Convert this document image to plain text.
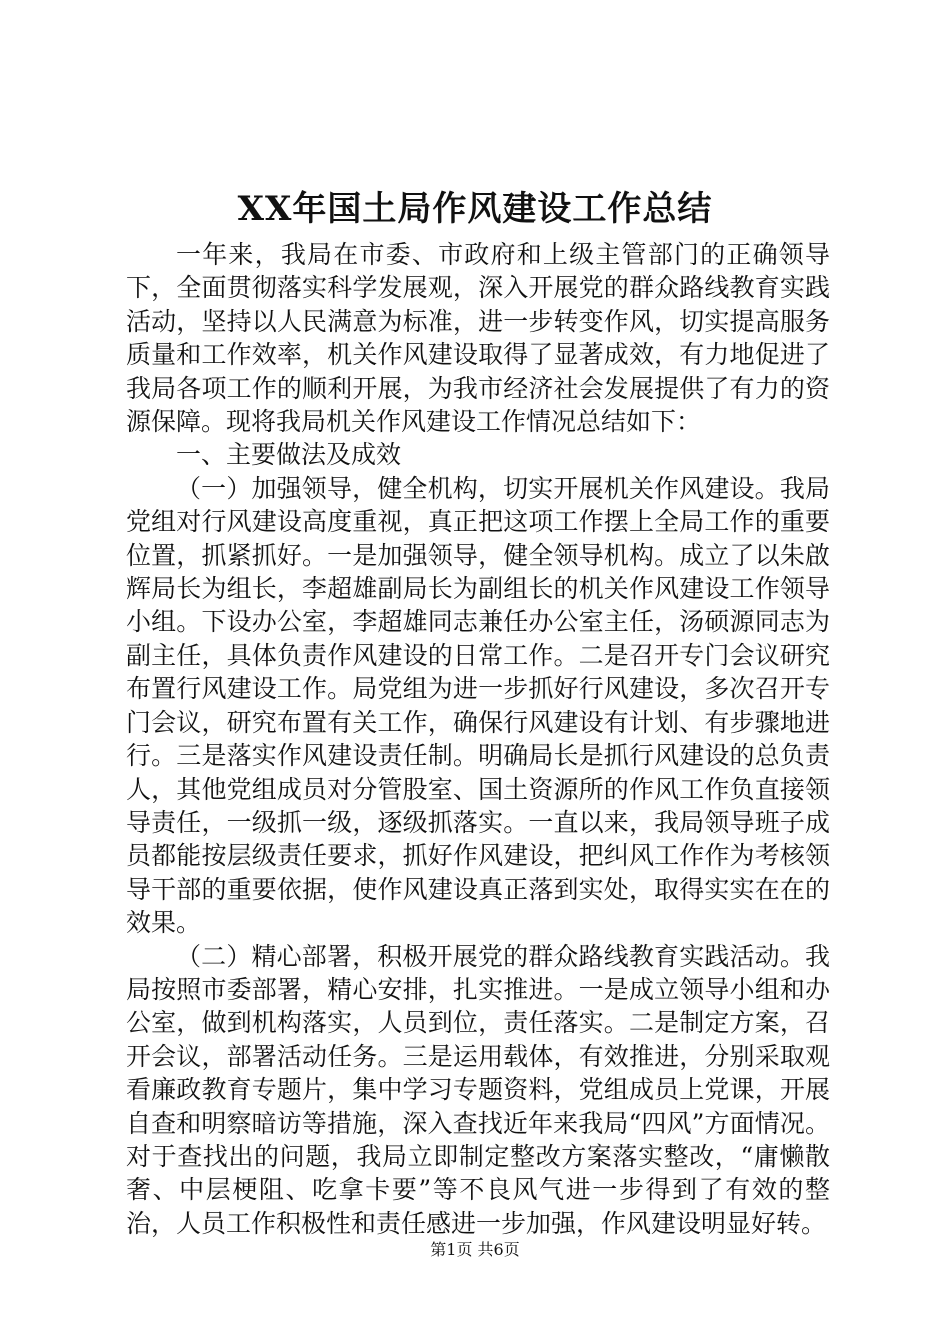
XX年国土局作风建设工作总结

一年来，我局在市委、市政府和上级主管部门的正确领导下，全面贯彻落实科学发展观，深入开展党的群众路线教育实践活动，坚持以人民满意为标准，进一步转变作风，切实提高服务质量和工作效率，机关作风建设取得了显著成效，有力地促进了我局各项工作的顺利开展，为我市经济社会发展提供了有力的资源保障。现将我局机关作风建设工作情况总结如下：

一、主要做法及成效

（一）加强领导，健全机构，切实开展机关作风建设。我局党组对行风建设高度重视，真正把这项工作摆上全局工作的重要位置，抓紧抓好。一是加强领导，健全领导机构。成立了以朱啟辉局长为组长，李超雄副局长为副组长的机关作风建设工作领导小组。下设办公室，李超雄同志兼任办公室主任，汤硕源同志为副主任，具体负责作风建设的日常工作。二是召开专门会议研究布置行风建设工作。局党组为进一步抓好行风建设，多次召开专门会议，研究布置有关工作，确保行风建设有计划、有步骤地进行。三是落实作风建设责任制。明确局长是抓行风建设的总负责人，其他党组成员对分管股室、国土资源所的作风工作负直接领导责任，一级抓一级，逐级抓落实。一直以来，我局领导班子成员都能按层级责任要求，抓好作风建设，把纠风工作作为考核领导干部的重要依据，使作风建设真正落到实处，取得实实在在的效果。

（二）精心部署，积极开展党的群众路线教育实践活动。我局按照市委部署，精心安排，扎实推进。一是成立领导小组和办公室，做到机构落实，人员到位，责任落实。二是制定方案，召开会议，部署活动任务。三是运用载体，有效推进，分别采取观看廉政教育专题片，集中学习专题资料，党组成员上党课，开展自查和明察暗访等措施，深入查找近年来我局“四风”方面情况。对于查找出的问题，我局立即制定整改方案落实整改，“庸懒散奢、中层梗阻、吃拿卡要”等不良风气进一步得到了有效的整治，人员工作积极性和责任感进一步加强，作风建设明显好转。

第1页 共6页
